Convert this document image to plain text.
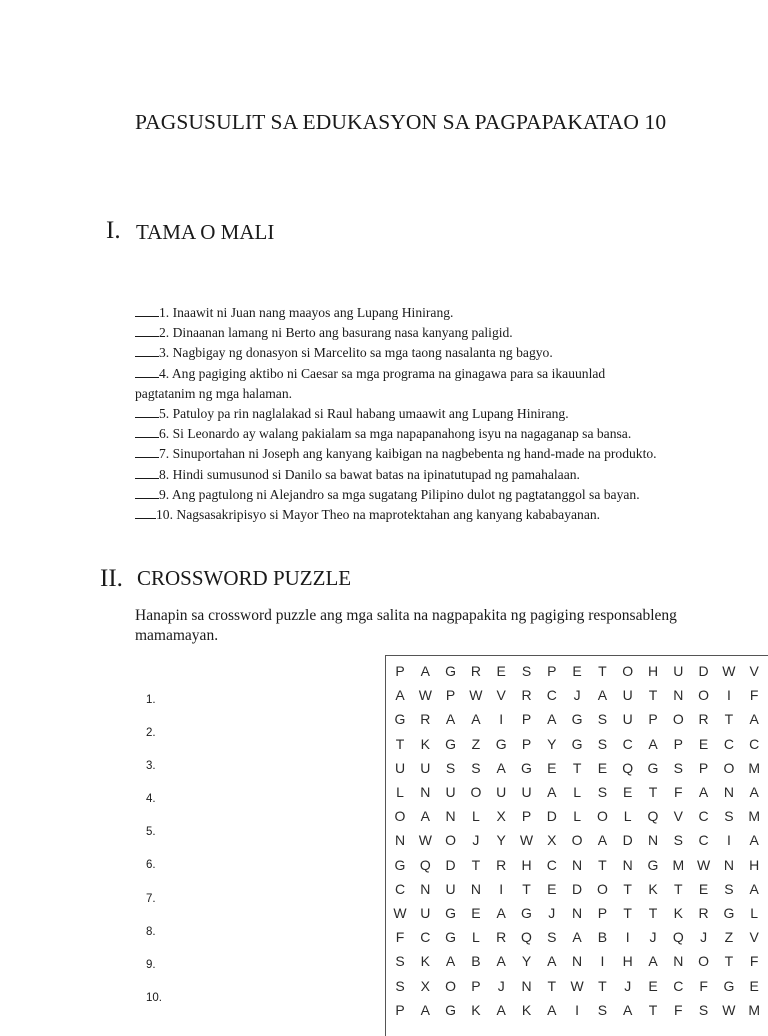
PAGSUSULIT SA EDUKASYON SA PAGPAPAKATAO 10
I. TAMA O MALI
1. Inaawit ni Juan nang maayos ang Lupang Hinirang.
2. Dinaanan lamang ni Berto ang basurang nasa kanyang paligid.
3. Nagbigay ng donasyon si Marcelito sa mga taong nasalanta ng bagyo.
4. Ang pagiging aktibo ni Caesar sa mga programa na ginagawa para sa ikauunlad
pagtatanim ng mga halaman.
5. Patuloy pa rin naglalakad si Raul habang umaawit ang Lupang Hinirang.
6. Si Leonardo ay walang pakialam sa mga napapanahong isyu na nagaganap sa bansa.
7. Sinuportahan ni Joseph ang kanyang kaibigan na nagbebenta ng hand-made na produkto.
8. Hindi sumusunod si Danilo sa bawat batas na ipinatutupad ng pamahalaan.
9. Ang pagtulong ni Alejandro sa mga sugatang Pilipino dulot ng pagtatanggol sa bayan.
10. Nagsasakripisyo si Mayor Theo na maprotektahan ang kanyang kababayanan.
II. CROSSWORD PUZZLE
Hanapin sa crossword puzzle ang mga salita na nagpapakita ng pagiging responsableng mamamayan.
1.
2.
3.
4.
5.
6.
7.
8.
9.
10.
P	A	G	R	E	S	P	E	T	O	H	U	D W	V
A	W	P	W	V	R	C	J	A	U	T	N	O	I	F
G	R	A	A	I	P	A	G	S	U	P	O	R	T	A
T	K	G	Z	G	P	Y	G	S	C	A	P	E	C	C
U	U	S	S	A	G	E	T	E	Q	G	S	P	O	M
L	N	U	O	U	U	A	L	S	E	T	F	A	N	A
O	A	N	L	X	P	D	L	O	L	Q	V	C	S	M
N W O	J	Y	W	X	O	A	D	N	S	C	I	A
G	Q	D	T	R	H	C	N	T	N	G	M W N	H
C	N	U	N	I	T	E	D	O	T	K	T	E	S	A
W U	G	E	A	G	J	N	P	T	T	K	R	G	L
F	C	G	L	R	Q	S	A	B	I	J	Q	J	Z	V
S	K	A	B	A	Y	A	N	I	H	A	N	O	T	F
S	X	O	P	J	N	T	W	T	J	E	C	F	G	E
P	A	G	K	A	K	A	I	S	A	T	F	S	W M
